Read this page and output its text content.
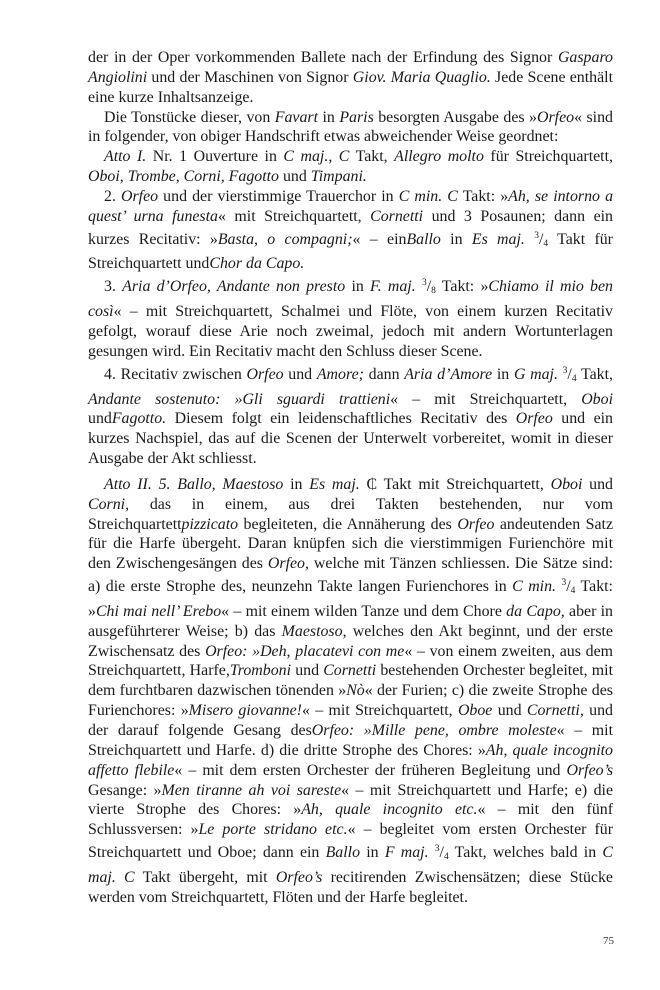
der in der Oper vorkommenden Ballete nach der Erfindung des Signor Gasparo Angiolini und der Maschinen von Signor Giov. Maria Quaglio. Jede Scene enthält eine kurze Inhaltsanzeige.

Die Tonstücke dieser, von Favart in Paris besorgten Ausgabe des »Orfeo« sind in folgender, von obiger Handschrift etwas abweichender Weise geordnet:

Atto I. Nr. 1 Ouverture in C maj., C Takt, Allegro molto für Streichquartett, Oboi, Trombe, Corni, Fagotto und Timpani.

2. Orfeo und der vierstimmige Trauerchor in C min. C Takt: »Ah, se intorno a quest’ urna funesta« mit Streichquartett, Cornetti und 3 Posaunen; dann ein kurzes Recitativ: »Basta, o compagni;« – einBallo in Es maj. $^3/_4$ Takt für Streichquartett undChor da Capo.

3. Aria d’Orfeo, Andante non presto in F. maj. $^3/_8$ Takt: »Chiamo il mio ben così« – mit Streichquartett, Schalmei und Flöte, von einem kurzen Recitativ gefolgt, worauf diese Arie noch zweimal, jedoch mit andern Wortunterlagen gesungen wird. Ein Recitativ macht den Schluss dieser Scene.

4. Recitativ zwischen Orfeo und Amore; dann Aria d’Amore in G maj. $^3/_4$ Takt, Andante sostenuto: »Gli sguardi trattieni« – mit Streichquartett, Oboi undFagotto. Diesem folgt ein leidenschaftliches Recitativ des Orfeo und ein kurzes Nachspiel, das auf die Scenen der Unterwelt vorbereitet, womit in dieser Ausgabe der Akt schliesst.

Atto II. 5. Ballo, Maestoso in Es maj. ₵ Takt mit Streichquartett, Oboi und Corni, das in einem, aus drei Takten bestehenden, nur vom Streichquartettpizzicato begleiteten, die Annäherung des Orfeo andeutenden Satz für die Harfe übergeht. Daran knüpfen sich die vierstimmigen Furienchöre mit den Zwischengesängen des Orfeo, welche mit Tänzen schliessen. Die Sätze sind: a) die erste Strophe des, neunzehn Takte langen Furienchores in C min. $^3/_4$ Takt: »Chi mai nell’ Erebo« – mit einem wilden Tanze und dem Chore da Capo, aber in ausgeführterer Weise; b) das Maestoso, welches den Akt beginnt, und der erste Zwischensatz des Orfeo: »Deh, placatevi con me« – von einem zweiten, aus dem Streichquartett, Harfe,Tromboni und Cornetti bestehenden Orchester begleitet, mit dem furchtbaren dazwischen tönenden »Nò« der Furien; c) die zweite Strophe des Furienchores: »Misero giovanne!« – mit Streichquartett, Oboe und Cornetti, und der darauf folgende Gesang desOrfeo: »Mille pene, ombre moleste« – mit Streichquartett und Harfe. d) die dritte Strophe des Chores: »Ah, quale incognito affetto flebile« – mit dem ersten Orchester der früheren Begleitung und Orfeo’s Gesange: »Men tiranne ah voi sareste« – mit Streichquartett und Harfe; e) die vierte Strophe des Chores: »Ah, quale incognito etc.« – mit den fünf Schlussversen: »Le porte stridano etc.« – begleitet vom ersten Orchester für Streichquartett und Oboe; dann ein Ballo in F maj. $^3/_4$ Takt, welches bald in C maj. C Takt übergeht, mit Orfeo’s recitirenden Zwischensätzen; diese Stücke werden vom Streichquartett, Flöten und der Harfe begleitet.

75
